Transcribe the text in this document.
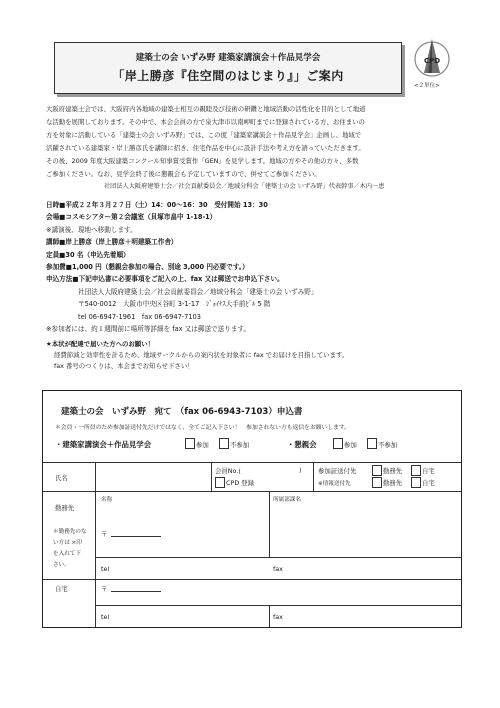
建築士の会 いずみ野 建築家講演会＋作品見学会
「岸上勝彦『住空間のはじまり』」ご案内
CPD
<２単位>
大阪府建築士会では、大阪府内各地域の建築士相互の親睦及び技術の研鑽と地域活動の活性化を目的として地道
な活動を展開しております。その中で、本会会員の方で泉大津市以南岬町までに登録されている方、お住まいの
方を対象に活動している「建築士の会 いずみ野」では、この度「建築家講演会＋作品見学会」企画し、地域で
活躍されている建築家・岸上勝彦氏を講師に招き、住宅作品を中心に設計手法や考え方を語っていただきます。
その後、2009 年度大阪建築コンクール知事賞受賞作「GEN」を見学します。地域の方やその他の方々、多数
ご参加ください。なお、見学会終了後に懇親会も予定していますので、併せてご参加ください。
社団法人大阪府建築士会／社会貢献委員会／地域分科会「建築士の会 いずみ野」代表幹事／木内一恵
日時■平成２２年３月２７日（土）14：00～16：30　受付開始 13：30
会場■コスモシアター第２会議室（貝塚市畠中 1-18-1）
※講演後、現地へ移動します。
講師■岸上勝彦（岸上勝彦＋明建築工作舎）
定員■30 名（申込先着順）
参加費■1,000 円（懇親会参加の場合、別途 3,000 円必要です。）
申込方法■下記申込書に必要事項をご記入の上、fax 又は郵送でお申込下さい。
社団法人大阪府建築士会／社会貢献委員会／地域分科会「建築士の会 いずみ野」
〒540-0012　大阪市中央区谷町 3-1-17　ｼﾞｮｲﾅｽ大手前ﾋﾞﾙ 5 階
tel 06-6947-1961　fax 06-6947-7103
※参加者には、約１週間前に場所等詳細を fax 又は郵送で送ります。
★本状が配達で届いた方へのお願い！
経費節減と効率性を計るため、地域サークルからの案内状を対象者に fax でお届けを目指しています。
fax 番号のつくりは、本会までお知らせ下さい！
建築士の会　いずみ野　宛て　（fax 06-6943-7103）申込書
＊会員・一所員のため参加証送付先だけではなく、全てご記入下さい！　参加されない方も返信をお願いします。
・建築家講演会＋作品見学会	参加	不参加	・懇親会	参加	不参加
氏名
会員No.(	)
CPD 登録
参加証送付先	勤務先	自宅
※情報送付先	勤務先	自宅
勤務先
＊勤務先のな
い方は ×印
を入れて下
さい。
名称	所属部課名
〒
tel	fax
自宅	〒
tel	fax
